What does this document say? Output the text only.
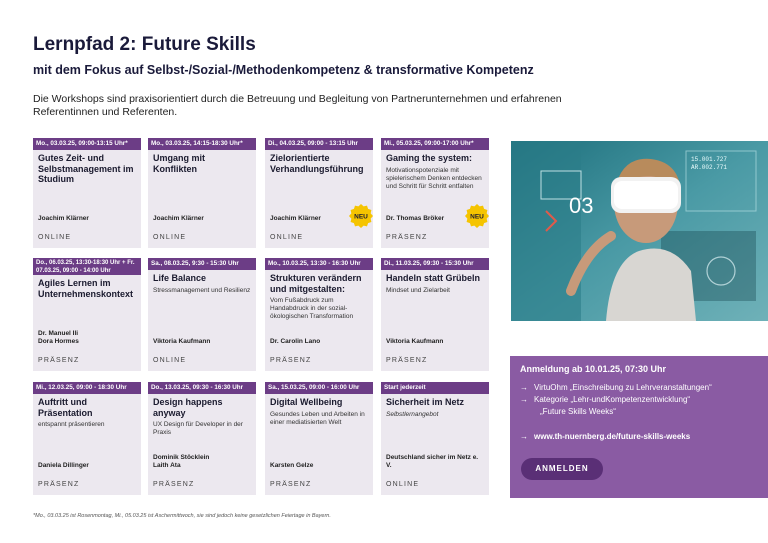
Lernpfad 2: Future Skills
mit dem Fokus auf Selbst-/Sozial-/Methodenkompetenz & transformative Kompetenz
Die Workshops sind praxisorientiert durch die Betreuung und Begleitung von Partnerunternehmen und erfahrenen Referentinnen und Referenten.
Mo., 03.03.25, 09:00-13:15 Uhr*
Gutes Zeit- und Selbstmanagement im Studium
Joachim Klärner
ONLINE
Mo., 03.03.25, 14:15-18:30 Uhr*
Umgang mit Konflikten
Joachim Klärner
ONLINE
Di., 04.03.25, 09:00 - 13:15 Uhr
Zielorientierte Verhandlungsführung
Joachim Klärner
ONLINE
NEU
Mi., 05.03.25, 09:00-17:00 Uhr*
Gaming the system:
Motivationspotenziale mit spielerischem Denken entdecken und Schritt für Schritt entfalten
Dr. Thomas Bröker
PRÄSENZ
NEU
Do., 06.03.25, 13:30-18:30 Uhr + Fr. 07.03.25, 09:00 - 14:00 Uhr
Agiles Lernen im Unternehmenskontext
Dr. Manuel Ili
Dora Hormes
PRÄSENZ
Sa., 08.03.25, 9:30 - 15:30 Uhr
Life Balance
Stressmanagement und Resilienz
Viktoria Kaufmann
ONLINE
Mo., 10.03.25, 13:30 - 16:30 Uhr
Strukturen verändern und mitgestalten:
Vom Fußabdruck zum Handabdruck in der sozial-ökologischen Transformation
Dr. Carolin Lano
PRÄSENZ
Di., 11.03.25, 09:30 - 15:30 Uhr
Handeln statt Grübeln
Mindset und Zielarbeit
Viktoria Kaufmann
PRÄSENZ
Mi., 12.03.25, 09:00 - 18:30 Uhr
Auftritt und Präsentation
entspannt präsentieren
Daniela Dillinger
PRÄSENZ
Do., 13.03.25, 09:30 - 16:30 Uhr
Design happens anyway
UX Design für Developer in der Praxis
Dominik Stöcklein
Laith Ata
PRÄSENZ
Sa., 15.03.25, 09:00 - 16:00 Uhr
Digital Wellbeing
Gesundes Leben und Arbeiten in einer mediatisierten Welt
Karsten Gelze
PRÄSENZ
Start jederzeit
Sicherheit im Netz
Selbstlernangebot
Deutschland sicher im Netz e. V.
ONLINE
03
15.001.727
AR.002.771
Anmeldung ab 10.01.25, 07:30 Uhr
→ VirtuOhm „Einschreibung zu Lehrveranstaltungen“
→ Kategorie „Lehr-undKompetenzentwicklung“
„Future Skills Weeks“
→ www.th-nuernberg.de/future-skills-weeks
ANMELDEN
*Mo., 03.03.25 ist Rosenmontag, Mi., 05.03.25 ist Aschermittwoch, sie sind jedoch keine gesetzlichen Feiertage in Bayern.
